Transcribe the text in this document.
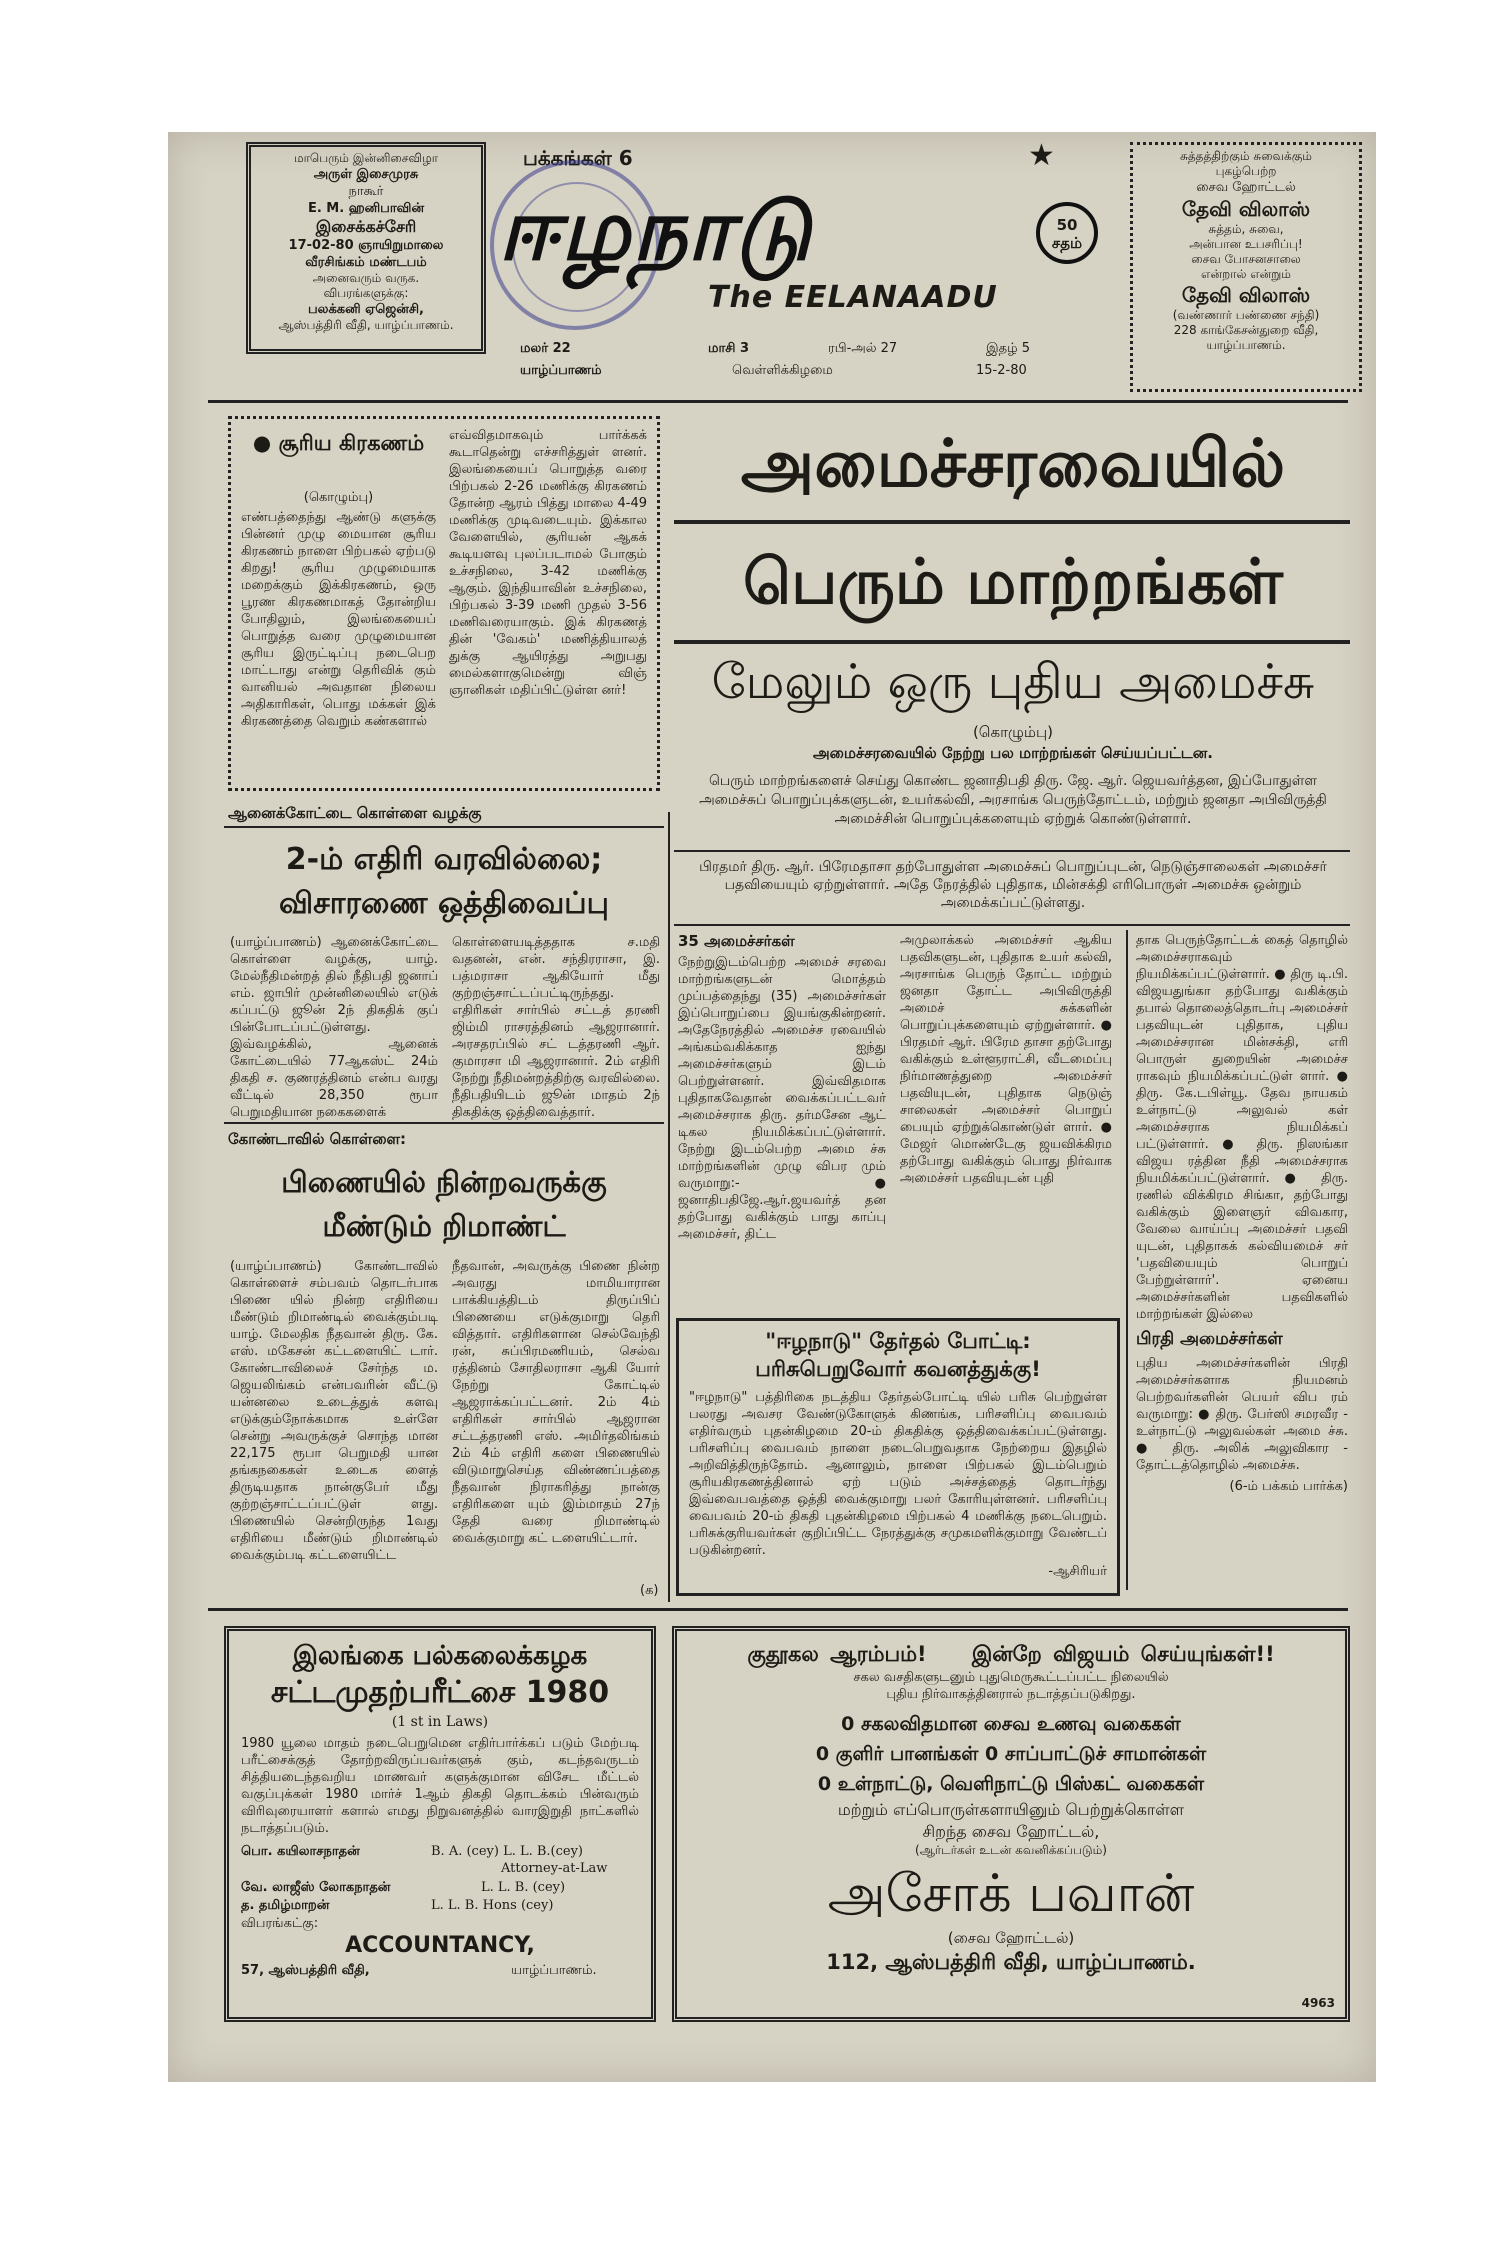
மாபெரும் இன்னிசைவிழா
அருள் இசைமுரசு
நாகூர்
E. M. ஹனிபாவின்
இசைக்கச்சேரி
17-02-80 ஞாயிறுமாலை
வீரசிங்கம் மண்டபம்
அனைவரும் வருக.
விபரங்களுக்கு:
பலக்கனி ஏஜென்சி,
ஆஸ்பத்திரி வீதி, யாழ்ப்பாணம்.
பக்கங்கள் 6	★
ஈழநாடு
The EELANAADU
50 சதம்
மலர் 22	மாசி 3	ரபி-அல் 27	இதழ் 5
யாழ்ப்பாணம்	வெள்ளிக்கிழமை	15-2-80
சுத்தத்திற்கும் சுவைக்கும்
புகழ்பெற்ற
சைவ ஹோட்டல்
தேவி விலாஸ்
சுத்தம், சுவை,
அன்பான உபசரிப்பு!
சைவ போசனசாலை
என்றால் என்றும்
தேவி விலாஸ்
(வண்ணார் பண்ணை சந்தி)
228 காங்கேசன்துறை வீதி,
யாழ்ப்பாணம்.
● சூரிய கிரகணம்
(கொழும்பு)

எண்பத்தைந்து ஆண்டு களுக்கு பின்னர் முழு மையான சூரிய கிரகணம் நாளை பிற்பகல் ஏற்படு கிறது! சூரிய முழுமையாக மறைக்கும் இக்கிரகணம், ஒரு பூரண கிரகணமாகத் தோன்றிய போதிலும், இலங்கையைப் பொறுத்த வரை முழுமையான சூரிய இருட்டிப்பு நடைபெற மாட்டாது என்று தெரிவிக் கும் வானியல் அவதான நிலைய அதிகாரிகள், பொது மக்கள் இக் கிரகணத்தை வெறும் கண்களால்

எவ்விதமாகவும் பார்க்கக் கூடாதென்று எச்சரித்துள் ளனர். இலங்கையைப் பொறுத்த வரை பிற்பகல் 2-26 மணிக்கு கிரகணம் தோன்ற ஆரம் பித்து மாலை 4-49 மணிக்கு முடிவடையும். இக்கால வேளையில், சூரியன் ஆகக் கூடியளவு புலப்படாமல் போகும் உச்சநிலை, 3-42 மணிக்கு ஆகும். இந்தியாவின் உச்சநிலை, பிற்பகல் 3-39 மணி முதல் 3-56 மணிவரையாகும். இக் கிரகணத் தின் 'வேகம்' மணித்தியாலத் துக்கு ஆயிரத்து அறுபது மைல்களாகுமென்று விஞ் ஞானிகள் மதிப்பிட்டுள்ள னர்!

அமைச்சரவையில்
பெரும் மாற்றங்கள்
மேலும் ஒரு புதிய அமைச்சு
(கொழும்பு)
அமைச்சரவையில் நேற்று பல மாற்றங்கள் செய்யப்பட்டன.

பெரும் மாற்றங்களைச் செய்து கொண்ட ஜனாதிபதி திரு. ஜே. ஆர். ஜெயவர்த்தன, இப்போதுள்ள அமைச்சுப் பொறுப்புக்களுடன், உயர்கல்வி, அரசாங்க பெருந்தோட்டம், மற்றும் ஜனதா அபிவிருத்தி அமைச்சின் பொறுப்புக்களையும் ஏற்றுக் கொண்டுள்ளார்.

பிரதமர் திரு. ஆர். பிரேமதாசா தற்போதுள்ள அமைச்சுப் பொறுப்புடன், நெடுஞ்சாலைகள் அமைச்சர் பதவியையும் ஏற்றுள்ளார். அதே நேரத்தில் புதிதாக, மின்சக்தி எரிபொருள் அமைச்சு ஒன்றும் அமைக்கப்பட்டுள்ளது.

ஆனைக்கோட்டை கொள்ளை வழக்கு
2-ம் எதிரி வரவில்லை;
விசாரணை ஒத்திவைப்பு

(யாழ்ப்பாணம்) ஆனைக்கோட்டை கொள்ளை வழக்கு, யாழ். மேல்நீதிமன்றத் தில் நீதிபதி ஜனாப் எம். ஜாபிர் முன்னிலையில் எடுக் கப்பட்டு ஜூன் 2ந் திகதிக் குப் பின்போடப்பட்டுள்ளது. இவ்வழக்கில், ஆனைக் கோட்டையில் 77ஆகஸ்ட் 24ம் திகதி ச. குணரத்தினம் என்ப வரது வீட்டில் 28,350 ரூபா பெறுமதியான நகைகளைக்

கொள்ளையடித்ததாக ச.மதி வதனன், என். சந்திரராசா, இ. பத்மராசா ஆகியோர் மீது குற்றஞ்சாட்டப்பட்டிருந்தது. எதிரிகள் சார்பில் சட்டத் தரணி ஜிம்மி ராசரத்தினம் ஆஜரானார். அரசதரப்பில் சட் டத்தரணி ஆர். குமாரசா மி ஆஜரானார். 2ம் எதிரி நேற்று நீதிமன்றத்திற்கு வரவில்லை. நீதிபதியிடம் ஜூன் மாதம் 2ந் திகதிக்கு ஒத்திவைத்தார்.

கோண்டாவில் கொள்ளை:
பிணையில் நின்றவருக்கு
மீண்டும் றிமாண்ட்

(யாழ்ப்பாணம்) கோண்டாவில் கொள்ளைச் சம்பவம் தொடர்பாக பிணை யில் நின்ற எதிரியை மீண்டும் றிமாண்டில் வைக்கும்படி யாழ். மேலதிக நீதவான் திரு. கே. எஸ். மகேசன் கட்டளையிட் டார். கோண்டாவிலைச் சேர்ந்த ம. ஜெயலிங்கம் என்பவரின் வீட்டு யன்னலை உடைத்துக் களவு எடுக்கும்நோக்கமாக உள்ளே சென்று அவருக்குச் சொந்த மான 22,175 ரூபா பெறுமதி யான தங்கநகைகள் உடைக ளைத் திருடியதாக நான்குபேர் மீது குற்றஞ்சாட்டப்பட்டுள் ளது. பிணையில் சென்றிருந்த 1வது எதிரியை மீண்டும் றிமாண்டில் வைக்கும்படி கட்டளையிட்ட

நீதவான், அவருக்கு பிணை நின்ற அவரது மாமியாரான பாக்கியத்திடம் திருப்பிப் பிணையை எடுக்குமாறு தெரி வித்தார். எதிரிகளான செல்வேந்தி ரன், சுப்பிரமணியம், செல்வ ரத்தினம் சோதிலராசா ஆகி யோர் நேற்று கோட்டில் ஆஜராக்கப்பட்டனர். 2ம் 4ம் எதிரிகள் சார்பில் ஆஜரான சட்டத்தரணி எஸ். அமிர்தலிங்கம் 2ம் 4ம் எதிரி களை பிணையில் விடுமாறுசெய்த விண்ணப்பத்தை நீதவான் நிராகரித்து நான்கு எதிரிகளை யும் இம்மாதம் 27ந் தேதி வரை றிமாண்டில் வைக்குமாறு கட் டளையிட்டார்.

(க)
35 அமைச்சர்கள்

நேற்றுஇடம்பெற்ற அமைச் சரவை மாற்றங்களுடன் மொத்தம் முப்பத்தைந்து (35) அமைச்சர்கள் இப்பொறுப்பை இயங்குகின்றனர். அதேநேரத்தில் அமைச்ச ரவையில் அங்கம்வகிக்காத ஐந்து அமைச்சர்களும் இடம் பெற்றுள்ளனர். இவ்விதமாக புதிதாகவேதான் வைக்கப்பட்டவர் அமைச்சராக திரு. தர்மசேன ஆட் டிகல நியமிக்கப்பட்டுள்ளார். நேற்று இடம்பெற்ற அமை ச்சு மாற்றங்களின் முழு விபர மும் வருமாறு:- ● ஜனாதிபதிஜே.ஆர்.ஜயவர்த் தன தற்போது வகிக்கும் பாது காப்பு அமைச்சர், திட்ட

அமுலாக்கல் அமைச்சர் ஆகிய பதவிகளுடன், புதிதாக உயர் கல்வி, அரசாங்க பெருந் தோட்ட மற்றும் ஜனதா தோட்ட அபிவிருத்தி அமைச் சுக்களின் பொறுப்புக்களையும் ஏற்றுள்ளார். ● பிரதமர் ஆர். பிரேம தாசா தற்போது வகிக்கும் உள்ளூராட்சி, வீடமைப்பு நிர்மாணத்துறை அமைச்சர் பதவியுடன், புதிதாக நெடுஞ் சாலைகள் அமைச்சர் பொறுப் பையும் ஏற்றுக்கொண்டுள் ளார். ● மேஜர் மொண்டேகு ஜயவிக்கிரம தற்போது வகிக்கும் பொது நிர்வாக அமைச்சர் பதவியுடன் புதி

தாக பெருந்தோட்டக் கைத் தொழில் அமைச்சராகவும் நியமிக்கப்பட்டுள்ளார். ● திரு டி.பி. விஜயதுங்கா தற்போது வகிக்கும் தபால் தொலைத்தொடர்பு அமைச்சர் பதவியுடன் புதிதாக, புதிய அமைச்சரான மின்சக்தி, எரி பொருள் துறையின் அமைச்ச ராகவும் நியமிக்கப்பட்டுள் ளார். ● திரு. கே.டபிள்யூ. தேவ நாயகம் உள்நாட்டு அலுவல் கள் அமைச்சராக நியமிக்கப் பட்டுள்ளார். ● திரு. நிஸங்கா விஜய ரத்தின நீதி அமைச்சராக நியமிக்கப்பட்டுள்ளார். ● திரு. ரணில் விக்கிரம சிங்கா, தற்போது வகிக்கும் இளைஞர் விவகார, வேலை வாய்ப்பு அமைச்சர் பதவி யுடன், புதிதாகக் கல்வியமைச் சர் 'பதவியையும் பொறுப் பேற்றுள்ளார்'. ஏனைய அமைச்சர்களின் பதவிகளில் மாற்றங்கள் இல்லை

பிரதி அமைச்சர்கள்

புதிய அமைச்சர்களின் பிரதி அமைச்சர்களாக நியமனம் பெற்றவர்களின் பெயர் விப ரம் வருமாறு: ● திரு. பேர்ஸி சமரவீர - உள்நாட்டு அலுவல்கள் அமை ச்சு. ● திரு. அலிக் அலுவிகார - தோட்டத்தொழில் அமைச்சு.

(6-ம் பக்கம் பார்க்க)
"ஈழநாடு" தேர்தல் போட்டி:
பரிசுபெறுவோர் கவனத்துக்கு!

"ஈழநாடு" பத்திரிகை நடத்திய தேர்தல்போட்டி யில் பரிசு பெற்றுள்ள பலரது அவசர வேண்டுகோளுக் கிணங்க, பரிசளிப்பு வைபவம் எதிர்வரும் புதன்கிழமை 20-ம் திகதிக்கு ஒத்திவைக்கப்பட்டுள்ளது. பரிசளிப்பு வைபவம் நாளை நடைபெறுவதாக நேற்றைய இதழில் அறிவித்திருந்தோம். ஆனாலும், நாளை பிற்பகல் இடம்பெறும் சூரியகிரகணத்தினால் ஏற் படும் அச்சத்தைத் தொடர்ந்து இவ்வைபவத்தை ஒத்தி வைக்குமாறு பலர் கோரியுள்ளனர். பரிசளிப்பு வைபவம் 20-ம் திகதி புதன்கிழமை பிற்பகல் 4 மணிக்கு நடைபெறும். பரிசுக்குரியவர்கள் குறிப்பிட்ட நேரத்துக்கு சமுகமளிக்குமாறு வேண்டப் படுகின்றனர்.

-ஆசிரியர்
இலங்கை பல்கலைக்கழக
சட்டமுதற்பரீட்சை 1980
(1 st in Laws)

1980 யூலை மாதம் நடைபெறுமென எதிர்பார்க்கப் படும் மேற்படி பரீட்சைக்குத் தோற்றவிருப்பவர்களுக் கும், கடந்தவருடம் சித்தியடைந்தவறிய மாணவர் களுக்குமான விசேட மீட்டல் வகுப்புக்கள் 1980 மார்ச் 1ஆம் திகதி தொடக்கம் பின்வரும் விரிவுரையாளர் களால் எமது நிறுவனத்தில் வாரஇறுதி நாட்களில் நடாத்தப்படும்.

பொ. கயிலாசநாதன்	B. A. (cey) L. L. B.(cey)
Attorney-at-Law
வே. லாஜீஸ் லோகநாதன்	L. L. B. (cey)
த. தமிழ்மாறன்	L. L. B. Hons (cey)
விபரங்கட்கு:
ACCOUNTANCY,
57, ஆஸ்பத்திரி வீதி,	யாழ்ப்பாணம்.
குதூகல ஆரம்பம்! இன்றே விஜயம் செய்யுங்கள்!!
சகல வசதிகளுடனும் புதுமெருகூட்டப்பட்ட நிலையில்
புதிய நிர்வாகத்தினரால் நடாத்தப்படுகிறது.
0 சகலவிதமான சைவ உணவு வகைகள்
0 குளிர் பானங்கள் 0 சாப்பாட்டுச் சாமான்கள்
0 உள்நாட்டு, வெளிநாட்டு பிஸ்கட் வகைகள்
மற்றும் எப்பொருள்களாயினும் பெற்றுக்கொள்ள
சிறந்த சைவ ஹோட்டல்,
(ஆர்டர்கள் உடன் கவனிக்கப்படும்)
அசோக் பவான்
(சைவ ஹோட்டல்)
112, ஆஸ்பத்திரி வீதி, யாழ்ப்பாணம்.
4963
